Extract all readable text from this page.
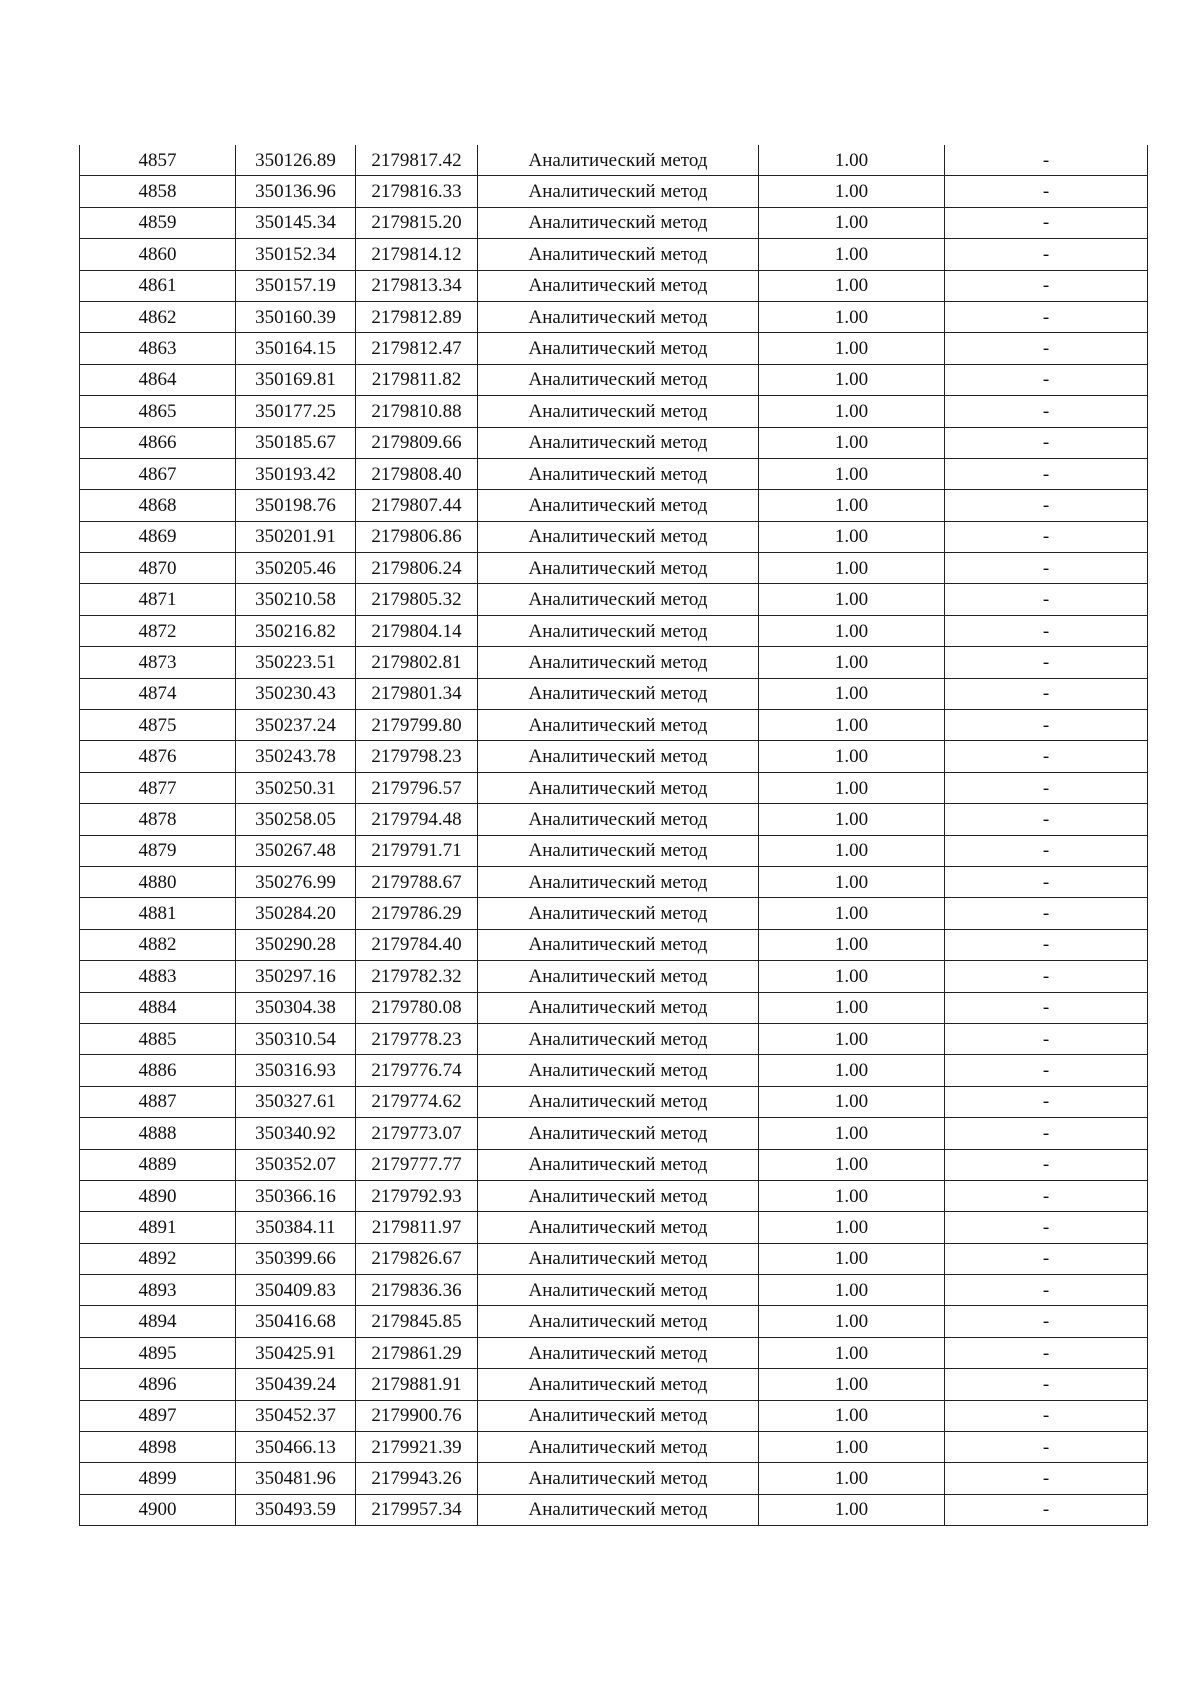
4857	350126.89	2179817.42	Аналитический метод	1.00	-
4858	350136.96	2179816.33	Аналитический метод	1.00	-
4859	350145.34	2179815.20	Аналитический метод	1.00	-
4860	350152.34	2179814.12	Аналитический метод	1.00	-
4861	350157.19	2179813.34	Аналитический метод	1.00	-
4862	350160.39	2179812.89	Аналитический метод	1.00	-
4863	350164.15	2179812.47	Аналитический метод	1.00	-
4864	350169.81	2179811.82	Аналитический метод	1.00	-
4865	350177.25	2179810.88	Аналитический метод	1.00	-
4866	350185.67	2179809.66	Аналитический метод	1.00	-
4867	350193.42	2179808.40	Аналитический метод	1.00	-
4868	350198.76	2179807.44	Аналитический метод	1.00	-
4869	350201.91	2179806.86	Аналитический метод	1.00	-
4870	350205.46	2179806.24	Аналитический метод	1.00	-
4871	350210.58	2179805.32	Аналитический метод	1.00	-
4872	350216.82	2179804.14	Аналитический метод	1.00	-
4873	350223.51	2179802.81	Аналитический метод	1.00	-
4874	350230.43	2179801.34	Аналитический метод	1.00	-
4875	350237.24	2179799.80	Аналитический метод	1.00	-
4876	350243.78	2179798.23	Аналитический метод	1.00	-
4877	350250.31	2179796.57	Аналитический метод	1.00	-
4878	350258.05	2179794.48	Аналитический метод	1.00	-
4879	350267.48	2179791.71	Аналитический метод	1.00	-
4880	350276.99	2179788.67	Аналитический метод	1.00	-
4881	350284.20	2179786.29	Аналитический метод	1.00	-
4882	350290.28	2179784.40	Аналитический метод	1.00	-
4883	350297.16	2179782.32	Аналитический метод	1.00	-
4884	350304.38	2179780.08	Аналитический метод	1.00	-
4885	350310.54	2179778.23	Аналитический метод	1.00	-
4886	350316.93	2179776.74	Аналитический метод	1.00	-
4887	350327.61	2179774.62	Аналитический метод	1.00	-
4888	350340.92	2179773.07	Аналитический метод	1.00	-
4889	350352.07	2179777.77	Аналитический метод	1.00	-
4890	350366.16	2179792.93	Аналитический метод	1.00	-
4891	350384.11	2179811.97	Аналитический метод	1.00	-
4892	350399.66	2179826.67	Аналитический метод	1.00	-
4893	350409.83	2179836.36	Аналитический метод	1.00	-
4894	350416.68	2179845.85	Аналитический метод	1.00	-
4895	350425.91	2179861.29	Аналитический метод	1.00	-
4896	350439.24	2179881.91	Аналитический метод	1.00	-
4897	350452.37	2179900.76	Аналитический метод	1.00	-
4898	350466.13	2179921.39	Аналитический метод	1.00	-
4899	350481.96	2179943.26	Аналитический метод	1.00	-
4900	350493.59	2179957.34	Аналитический метод	1.00	-
